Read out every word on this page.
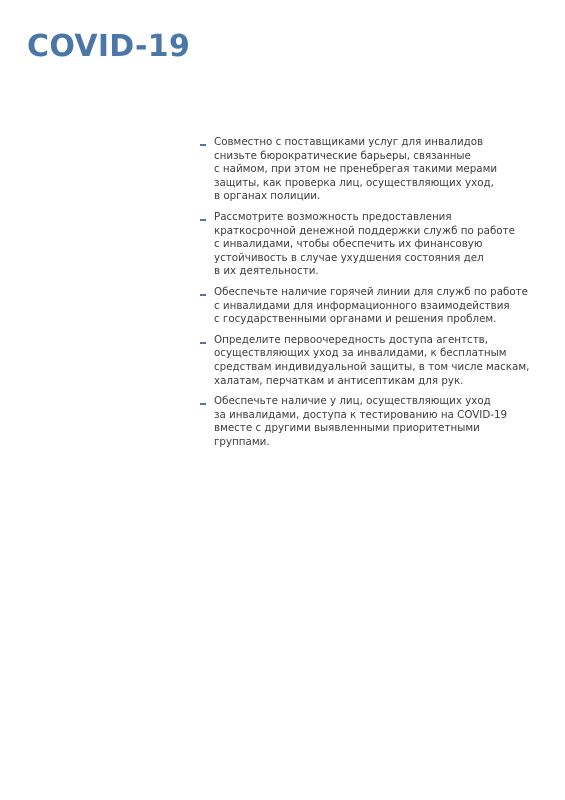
COVID-19
Совместно с поставщиками услуг для инвалидов
снизьте бюрократические барьеры, связанные
с наймом, при этом не пренебрегая такими мерами
защиты, как проверка лиц, осуществляющих уход,
в органах полиции.
Рассмотрите возможность предоставления
краткосрочной денежной поддержки служб по работе
с инвалидами, чтобы обеспечить их финансовую
устойчивость в случае ухудшения состояния дел
в их деятельности.
Обеспечьте наличие горячей линии для служб по работе
с инвалидами для информационного взаимодействия
с государственными органами и решения проблем.
Определите первоочередность доступа агентств,
осуществляющих уход за инвалидами, к бесплатным
средствам индивидуальной защиты, в том числе маскам,
халатам, перчаткам и антисептикам для рук.
Обеспечьте наличие у лиц, осуществляющих уход
за инвалидами, доступа к тестированию на COVID-19
вместе с другими выявленными приоритетными
группами.
